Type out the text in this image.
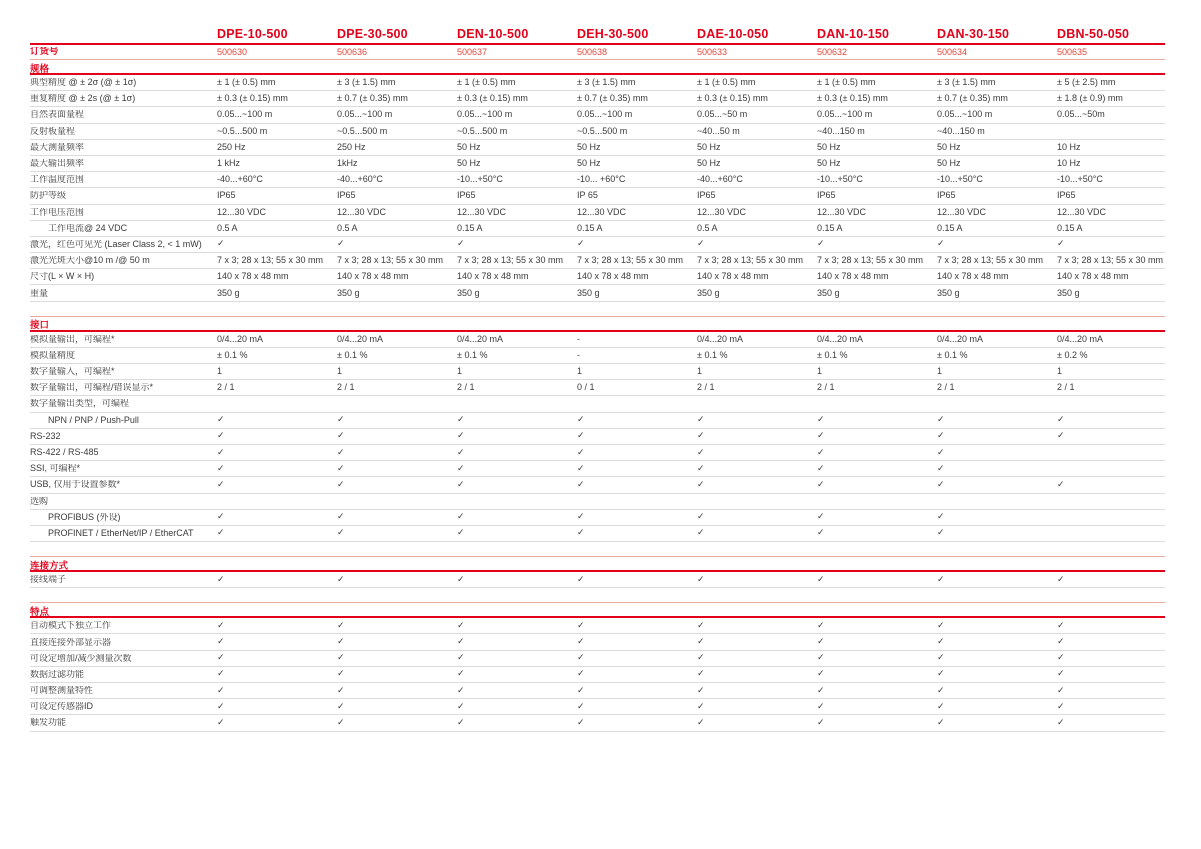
DPE-10-500	DPE-30-500	DEN-10-500	DEH-30-500	DAE-10-050	DAN-10-150	DAN-30-150	DBN-50-050
订货号	500630	500636	500637	500638	500633	500632	500634	500635
规格
典型精度 @ ± 2σ (@ ± 1σ)	± 1 (± 0.5) mm	± 3 (± 1.5) mm	± 1 (± 0.5) mm	± 3 (± 1.5) mm	± 1 (± 0.5) mm	± 1 (± 0.5) mm	± 3 (± 1.5) mm	± 5 (± 2.5) mm
重复精度 @ ± 2s (@ ± 1σ)	± 0.3 (± 0.15) mm	± 0.7 (± 0.35) mm	± 0.3 (± 0.15) mm	± 0.7 (± 0.35) mm	± 0.3 (± 0.15) mm	± 0.3 (± 0.15) mm	± 0.7 (± 0.35) mm	± 1.8 (± 0.9) mm
自然表面量程	0.05...~100 m	0.05...~100 m	0.05...~100 m	0.05...~100 m	0.05...~50 m	0.05...~100 m	0.05...~100 m	0.05...~50m
反射板量程	~0.5...500 m	~0.5...500 m	~0.5...500 m	~0.5...500 m	~40...50 m	~40...150 m	~40...150 m
最大测量频率	250 Hz	250 Hz	50 Hz	50 Hz	50 Hz	50 Hz	50 Hz	10 Hz
最大输出频率	1 kHz	1kHz	50 Hz	50 Hz	50 Hz	50 Hz	50 Hz	10 Hz
工作温度范围	-40...+60°C	-40...+60°C	-10...+50°C	-10... +60°C	-40...+60°C	-10...+50°C	-10...+50°C	-10...+50°C
防护等级	IP65	IP65	IP65	IP 65	IP65	IP65	IP65	IP65
工作电压范围	12...30 VDC	12...30 VDC	12...30 VDC	12...30 VDC	12...30 VDC	12...30 VDC	12...30 VDC	12...30 VDC
工作电流@ 24 VDC	0.5 A	0.5 A	0.15 A	0.15 A	0.5 A	0.15 A	0.15 A	0.15 A
激光，红色可见光 (Laser Class 2, < 1 mW)	✓	✓	✓	✓	✓	✓	✓	✓
激光光斑大小@10 m /@ 50 m	7 x 3; 28 x 13; 55 x 30 mm	7 x 3; 28 x 13; 55 x 30 mm	7 x 3; 28 x 13; 55 x 30 mm	7 x 3; 28 x 13; 55 x 30 mm	7 x 3; 28 x 13; 55 x 30 mm	7 x 3; 28 x 13; 55 x 30 mm	7 x 3; 28 x 13; 55 x 30 mm	7 x 3; 28 x 13; 55 x 30 mm
尺寸(L × W × H)	140 x 78 x 48 mm	140 x 78 x 48 mm	140 x 78 x 48 mm	140 x 78 x 48 mm	140 x 78 x 48 mm	140 x 78 x 48 mm	140 x 78 x 48 mm	140 x 78 x 48 mm
重量	350 g	350 g	350 g	350 g	350 g	350 g	350 g	350 g
接口
模拟量输出，可编程*	0/4...20 mA	0/4...20 mA	0/4...20 mA	-	0/4...20 mA	0/4...20 mA	0/4...20 mA	0/4...20 mA
模拟量精度	± 0.1 %	± 0.1 %	± 0.1 %	-	± 0.1 %	± 0.1 %	± 0.1 %	± 0.2 %
数字量输入，可编程*	1	1	1	1	1	1	1	1
数字量输出，可编程/错误显示*	2 / 1	2 / 1	2 / 1	0 / 1	2 / 1	2 / 1	2 / 1	2 / 1
数字量输出类型，可编程
NPN / PNP / Push-Pull	✓	✓	✓	✓	✓	✓	✓	✓
RS-232	✓	✓	✓	✓	✓	✓	✓	✓
RS-422 / RS-485	✓	✓	✓	✓	✓	✓	✓
SSI, 可编程*	✓	✓	✓	✓	✓	✓	✓
USB, 仅用于设置参数*	✓	✓	✓	✓	✓	✓	✓	✓
选购
PROFIBUS (外设)	✓	✓	✓	✓	✓	✓	✓
PROFINET / EtherNet/IP / EtherCAT	✓	✓	✓	✓	✓	✓	✓
连接方式
接线端子	✓	✓	✓	✓	✓	✓	✓	✓
特点
自动模式下独立工作	✓	✓	✓	✓	✓	✓	✓	✓
直接连接外部显示器	✓	✓	✓	✓	✓	✓	✓	✓
可设定增加/减少测量次数	✓	✓	✓	✓	✓	✓	✓	✓
数据过滤功能	✓	✓	✓	✓	✓	✓	✓	✓
可调整测量特性	✓	✓	✓	✓	✓	✓	✓	✓
可设定传感器ID	✓	✓	✓	✓	✓	✓	✓	✓
触发功能	✓	✓	✓	✓	✓	✓	✓	✓
